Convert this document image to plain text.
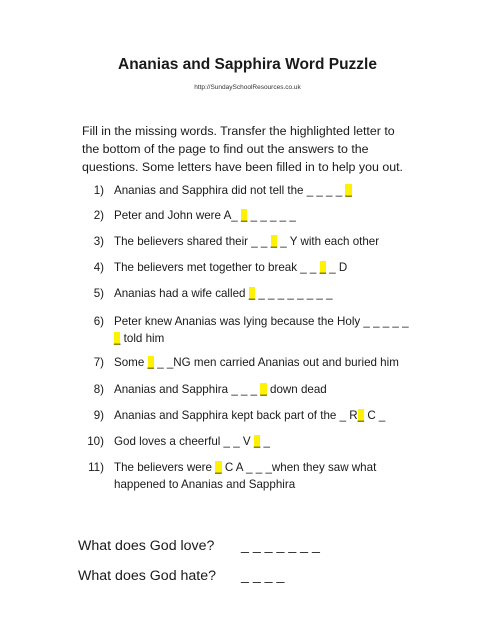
Ananias and Sapphira Word Puzzle
http://SundaySchoolResources.co.uk

Fill in the missing words. Transfer the highlighted letter to the bottom of the page to find out the answers to the questions. Some letters have been filled in to help you out.

1) Ananias and Sapphira did not tell the _ _ _ _ _
2) Peter and John were A_ _ _ _ _ _ _
3) The believers shared their _ _ _ _ Y with each other
4) The believers met together to break _ _ _ _ D
5) Ananias had a wife called _ _ _ _ _ _ _ _ _
6) Peter knew Ananias was lying because the Holy _ _ _ _ _ _ told him
7) Some _ _ _NG men carried Ananias out and buried him
8) Ananias and Sapphira _ _ _ _ down dead
9) Ananias and Sapphira kept back part of the _ R_ C _
10) God loves a cheerful _ _ V _ _
11) The believers were _ C A _ _ _when they saw what happened to Ananias and Sapphira
What does God love? _ _ _ _ _ _ _
What does God hate? _ _ _ _
